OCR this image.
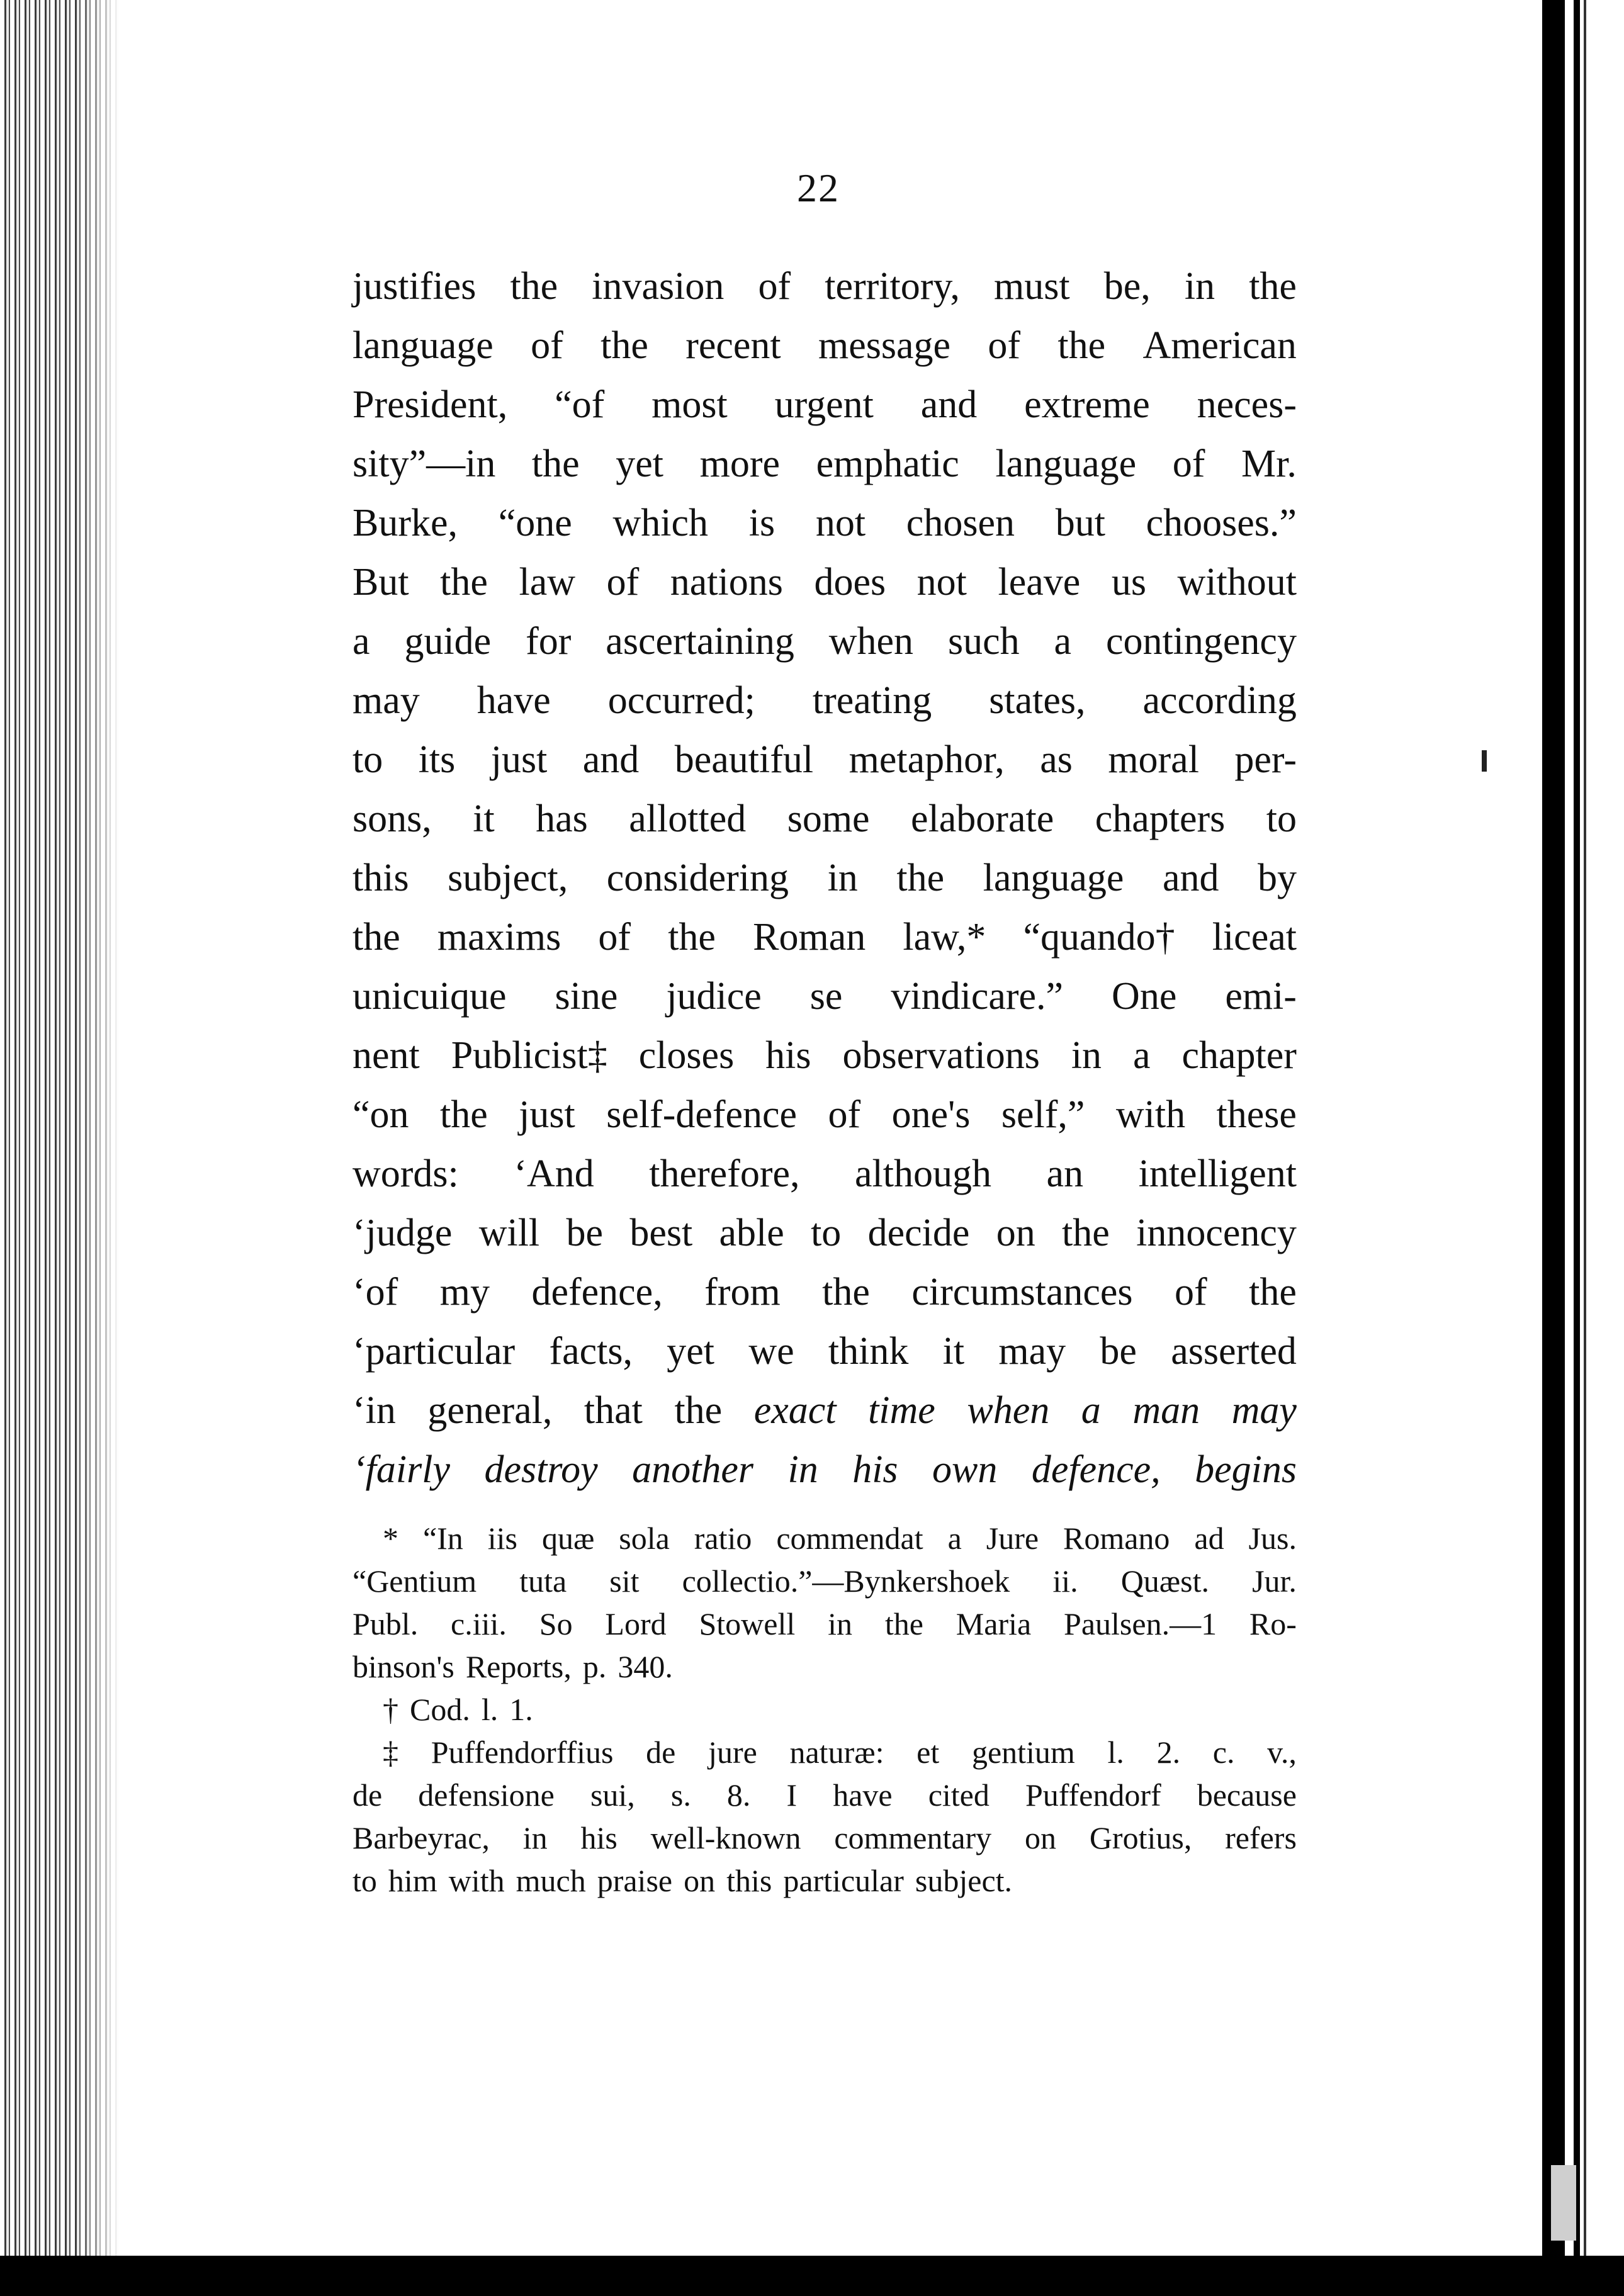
22
justifies the invasion of territory, must be, in the
language of the recent message of the American
President, “of most urgent and extreme neces-
sity”—in the yet more emphatic language of Mr.
Burke, “one which is not chosen but chooses.”
But the law of nations does not leave us without
a guide for ascertaining when such a contingency
may have occurred; treating states, according
to its just and beautiful metaphor, as moral per-
sons, it has allotted some elaborate chapters to
this subject, considering in the language and by
the maxims of the Roman law,* “quando† liceat
unicuique sine judice se vindicare.” One emi-
nent Publicist‡ closes his observations in a chapter
“on the just self-defence of one's self,” with these
words: ‘And therefore, although an intelligent
‘judge will be best able to decide on the innocency
‘of my defence, from the circumstances of the
‘particular facts, yet we think it may be asserted
‘in general, that the exact time when a man may
‘fairly destroy another in his own defence, begins
* “In iis quæ sola ratio commendat a Jure Romano ad Jus.
“Gentium tuta sit collectio.”—Bynkershoek ii. Quæst. Jur.
Publ. c.iii. So Lord Stowell in the Maria Paulsen.—1 Ro-
binson's Reports, p. 340.
† Cod. l. 1.
‡ Puffendorffius de jure naturæ: et gentium l. 2. c. v.,
de defensione sui, s. 8. I have cited Puffendorf because
Barbeyrac, in his well-known commentary on Grotius, refers
to him with much praise on this particular subject.
